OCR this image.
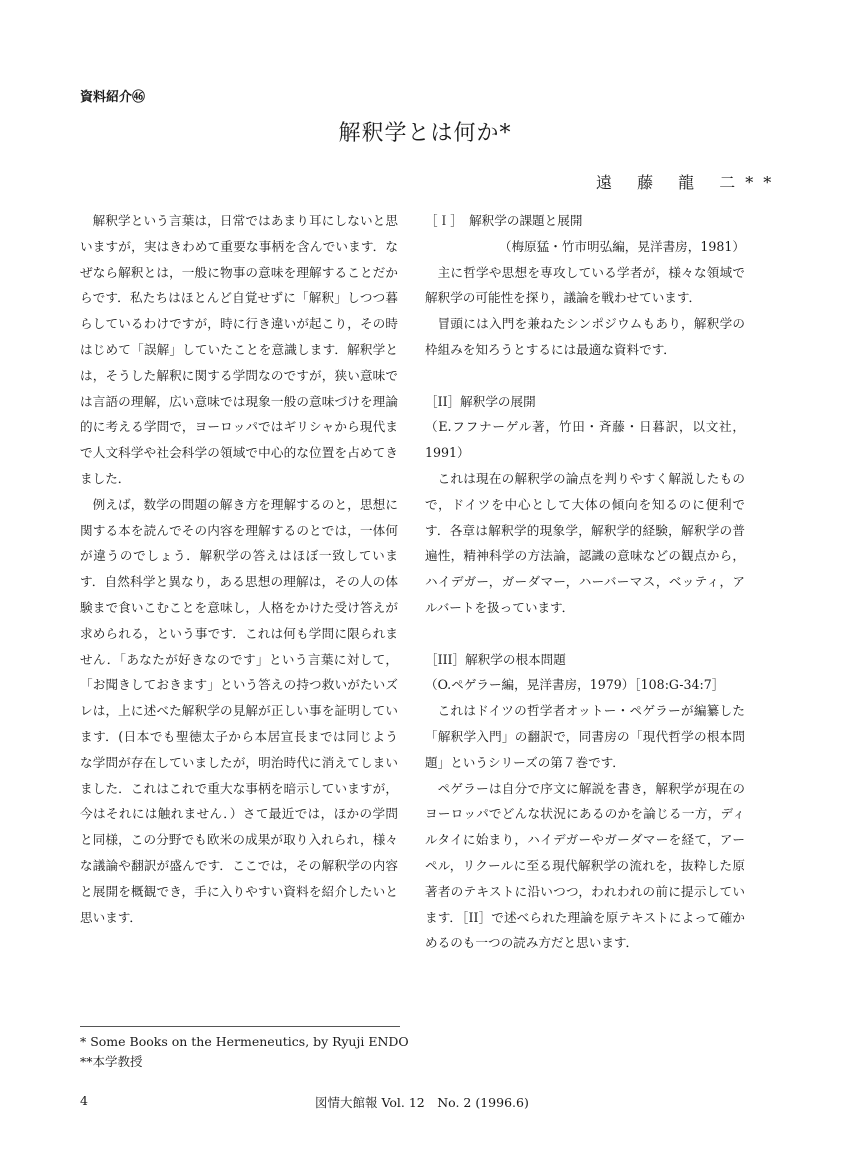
資料紹介㊻
解釈学とは何か*
遠 藤 龍 二**

解釈学という言葉は，日常ではあまり耳にしないと思いますが，実はきわめて重要な事柄を含んでいます．なぜなら解釈とは，一般に物事の意味を理解することだからです．私たちはほとんど自覚せずに「解釈」しつつ暮らしているわけですが，時に行き違いが起こり，その時はじめて「誤解」していたことを意識します．解釈学とは，そうした解釈に関する学問なのですが，狭い意味では言語の理解，広い意味では現象一般の意味づけを理論的に考える学問で，ヨーロッパではギリシャから現代まで人文科学や社会科学の領域で中心的な位置を占めてきました．

例えば，数学の問題の解き方を理解するのと，思想に関する本を読んでその内容を理解するのとでは，一体何が違うのでしょう．解釈学の答えはほぼ一致しています．自然科学と異なり，ある思想の理解は，その人の体験まで食いこむことを意味し，人格をかけた受け答えが求められる，という事です．これは何も学問に限られません．「あなたが好きなのです」という言葉に対して，「お聞きしておきます」という答えの持つ救いがたいズレは，上に述べた解釈学の見解が正しい事を証明しています．(日本でも聖徳太子から本居宣長までは同じような学問が存在していましたが，明治時代に消えてしまいました．これはこれで重大な事柄を暗示していますが，今はそれには触れません．）さて最近では，ほかの学問と同様，この分野でも欧米の成果が取り入れられ，様々な議論や翻訳が盛んです．ここでは，その解釈学の内容と展開を概観でき，手に入りやすい資料を紹介したいと思います．

［Ｉ］　解釈学の課題と展開

（梅原猛・竹市明弘編，晃洋書房，1981）

主に哲学や思想を専攻している学者が，様々な領域で解釈学の可能性を探り，議論を戦わせています．

冒頭には入門を兼ねたシンポジウムもあり，解釈学の枠組みを知ろうとするには最適な資料です．

［II］解釈学の展開

（E.フフナーゲル著，竹田・斉藤・日暮訳，以文社，1991）

これは現在の解釈学の論点を判りやすく解説したもので，ドイツを中心として大体の傾向を知るのに便利です．各章は解釈学的現象学，解釈学的経験，解釈学の普遍性，精神科学の方法論，認識の意味などの観点から，ハイデガー，ガーダマー，ハーバーマス，ベッティ，アルバートを扱っています．

［III］解釈学の根本問題

（O.ペゲラー編，晃洋書房，1979）［108:G-34:7］

これはドイツの哲学者オットー・ペゲラーが編纂した「解釈学入門」の翻訳で，同書房の「現代哲学の根本問題」というシリーズの第７巻です．

ペゲラーは自分で序文に解説を書き，解釈学が現在のヨーロッパでどんな状況にあるのかを論じる一方，ディルタイに始まり，ハイデガーやガーダマーを経て，アーペル，リクールに至る現代解釈学の流れを，抜粋した原著者のテキストに沿いつつ，われわれの前に提示しています．［II］で述べられた理論を原テキストによって確かめるのも一つの読み方だと思います．

* Some Books on the Hermeneutics, by Ryuji ENDO
**本学教授
4	図情大館報 Vol. 12　No. 2 (1996.6)
